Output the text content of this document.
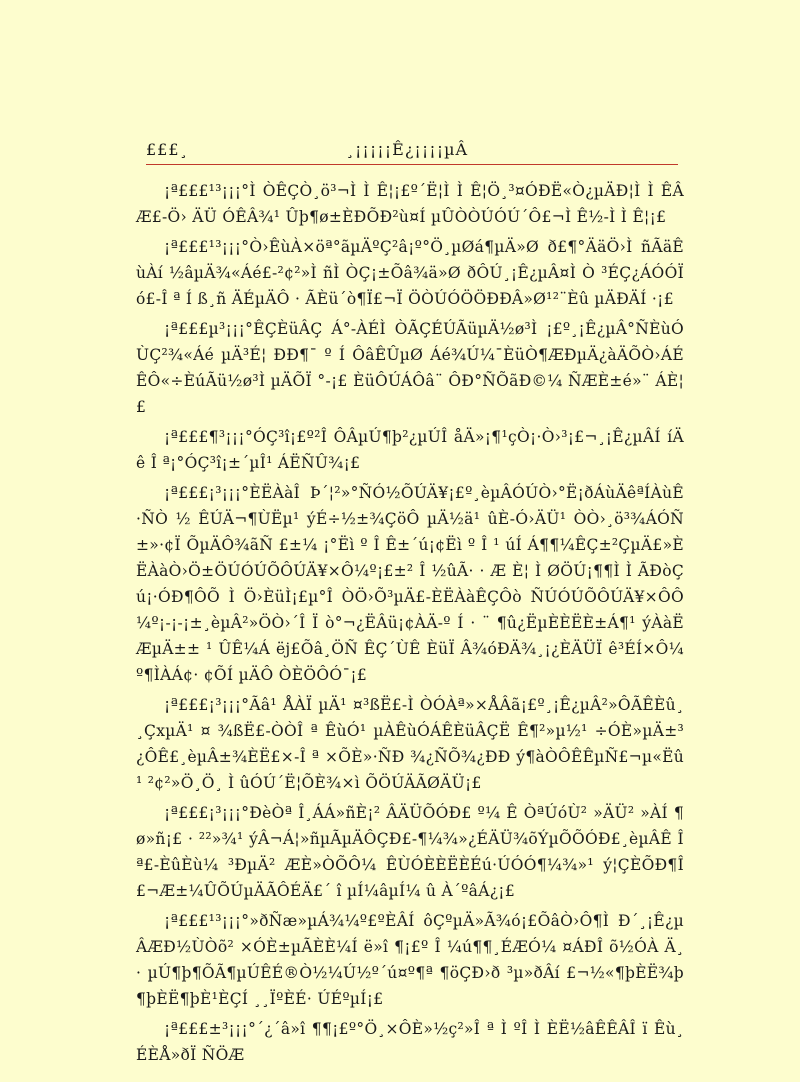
£££¸	¸¡¡¡¡¡Ê¿¡¡¡¡µÂ

¡ª£££¹³¡¡¡°Ì ÒÊÇÒ¸ö³¬Ì Ì Ê¦¡£º´Ë¦Ì Ì Ê¦Ö¸³¤ÓÐË«Ò¿µÄÐ¦Ì Ì ÊÂÆ£-Ö› ÄÜ ÓÊÂ¾¹ Ûþ¶ø±ÈÐÕÐ²ù¤Í µÛÒÒÚÓÚ´Ô£¬Ì Ê½-Ì Ì Ê¦¡£

¡ª£££¹³¡¡¡°Ò›ÊùÀ×öª°ãµÄºÇ²â¡º°Ö¸µØá¶µÄ»Ø ð£¶°ÄäÖ›Ì ñÃäÊùÀí ½âµÄ¾«Áé£-²¢²»Ì ñÌ ÒÇ¡±Õâ¾ä»Ø ðÔÚ¸¡Ê¿µÂ¤Ì Ò ³ÉÇ¿ÁÓÓÏ ó£-Î ª Í ß¸ñ ÄÉµÄÔ · ÃÈü´ò¶Ï£¬Ï ÖÒÚÓÖÖÐÐÂ»Ø¹²¨Èû µÄÐÄÍ ·¡£

¡ª£££µ³¡¡¡°ÊÇÈüÂÇ Á°-ÀÉÌ ÒÃÇÉÚÃüµÄ½ø³Ì ¡£º¸¡Ê¿µÂ°ÑÈùÓÙÇ²¾«Áé µÄ³É¦ ÐÐ¶¯ º Í ÔâÊÛµØ Áé¾Ú¼¯ÈüÒ¶ÆÐµÄ¿àÄÕÒ›ÁÉÊÔ«÷ÈúÃü½ø³Ì µÄÕÏ °-¡£ ÈüÔÚÁÔâ¨ ÔÐ°ÑÕãÐ©¼ ÑÆÈ±é»¨ ÁÈ¦£

¡ª£££¶³¡¡¡°ÓÇ³î¡£º²Î ÔÂµÚ¶þ²¿µÚÎ åÄ»¡¶¹çÒ¡·Ò›³¡£¬¸¡Ê¿µÂÍ íÄê Î ª¡°ÓÇ³î¡±´µÎ¹ ÁËÑÛ¾¡£

¡ª£££¡³¡¡¡°ÈËÀàÎ Þ´¦²»°ÑÓ½ÕÚÄ¥¡£º¸èµÂÓÚÒ›°Ë¡ðÁùÄêªÍÀùÊ·ÑÒ ½ ÊÚÄ¬¶ÙËµ¹ ýÉ÷½±¾ÇöÔ µÄ½ä¹ ûÈ-Ó›ÄÜ¹ ÒÒ›¸ö³¾ÁÓÑ±»·¢Ï ÕµÄÔ¾ãÑ £±¼ ¡°Ëì º Î Ê±´ú¡¢Ëì º Î ¹ úÍ Á¶¶¼ÊÇ±²ÇµÄ£»ÈËÀàÒ›Ö±ÖÚÓÚÕÔÚÄ¥×Ô¼º¡£±² Î ½ûÃ· · Æ È¦ Ì ØÖÚ¡¶¶Ì Ì ÃÐòÇú¡·ÓÐ¶ÔÕ Ì Ö›ÈüÌ¡£µ°Î ÒÖ›Õ³µÄ£-ÈËÀàÊÇÔò ÑÚÓÚÕÔÚÄ¥×ÔÔ ¼º¡-¡-¡±¸èµÂ²»ÖÒ›´Î Ï ò°¬¿ËÂü¡¢ÀÄ-º Í · ¨ ¶û¿ËµÈÈËÈ±Á¶¹ ýÀàËÆµÄ±± ¹ ÛÊ¼Á ëj£Õâ¸ÖÑ ÊÇ´ÙÊ ÈüÏ Â¾óÐÄ¾¸¡¿ÈÄÜÏ ê³ÉÍ×Ô¼º¶ÌÀÁ¢· ¢ÕÍ µÄÔ ÒÈÖÔÓ¯¡£

¡ª£££¡³¡¡¡°Ãâ¹ ÅÀÏ µÄ¹ ¤³ßË£-Ì ÒÓÀª»×ÅÂã¡£º¸¡Ê¿µÂ²»ÔÃÊÈû¸¸ÇxµÄ¹ ¤ ¾ßË£-ÒÒÎ ª ÊùÓ¹ µÀÊùÓÁÊÈüÂÇË Ê¶²»µ½¹ ÷ÓÈ»µÄ±³¿ÔÊ£¸èµÂ±¾ÈË£×-Î ª ×ÕÈ»·ÑÐ ¾¿ÑÕ¾¿ÐÐ ý¶àÒÔÊÊµÑ£¬µ«Ëû¹ ²¢²»Ö¸Ö¸ Ì ûÓÚ´Ë¦ÕÈ¾×ì ÕÖÚÄÃØÄÜ¡£

¡ª£££¡³¡¡¡°ÐèÒª Î¸ÁÁ»ñÈ¡² ÂÄÜÕÓÐ£ º¼ Ê ÒªÚóÙ² »ÄÜ² »ÀÍ ¶ø»ñ¡£ · ²²»¾¹ ýÂ¬Á¦»ñµÃµÄÔÇÐ£-¶¼¾»¿ÉÄÜ¾õÝµÕÕÓÐ£¸èµÂÊ Î ª£-ÈûÈù¼ ³ÐµÄ² ÆÈ»ÒÕÔ¼ ÊÙÓÈÈËÈÉú·ÚÓÓ¶¼¾»¹ ý¦ÇÈÕÐ¶Î £¬Æ±¼ÛÕÚµÄÃÔÉÄ£´ î µÍ¼âµÍ¼ û À´ºâÁ¿¡£

¡ª£££¹³¡¡¡°»ðÑæ»µÁ¾¼º£ºÈÂÍ ôÇºµÄ»Ã¾ó¡£ÕâÒ›Ô¶Ì Ð´¸¡Ê¿µÂÆÐ½ÙÒõ² ×ÓÈ±µÃÈÈ¼Í ë»î ¶¡£º Î ¼ú¶¶¸ÉÆÓ¼ ¤ÁÐÎ õ½ÓÀ Ä¸ · µÚ¶þ¶ÕÃ¶µÚÊÉ®Ò½¼Ú½º´ú¤º¶ª ¶öÇÐ›ð ³µ»ðÂí £¬½«¶þÈË¾þ¶þÈË¶þÈ¹ÈÇÍ ¸¸ÏºÈÉ· ÚÉºµÍ¡£

¡ª£££±³¡¡¡°´¿´â»î ¶¶¡£º°Ö¸×ÔÈ»½ç²»Î ª Ì ºÎ Ì ÈË½âÊÊÂÎ ï Êù¸ ÉÈÅ»ðÏ ÑÖÆ
